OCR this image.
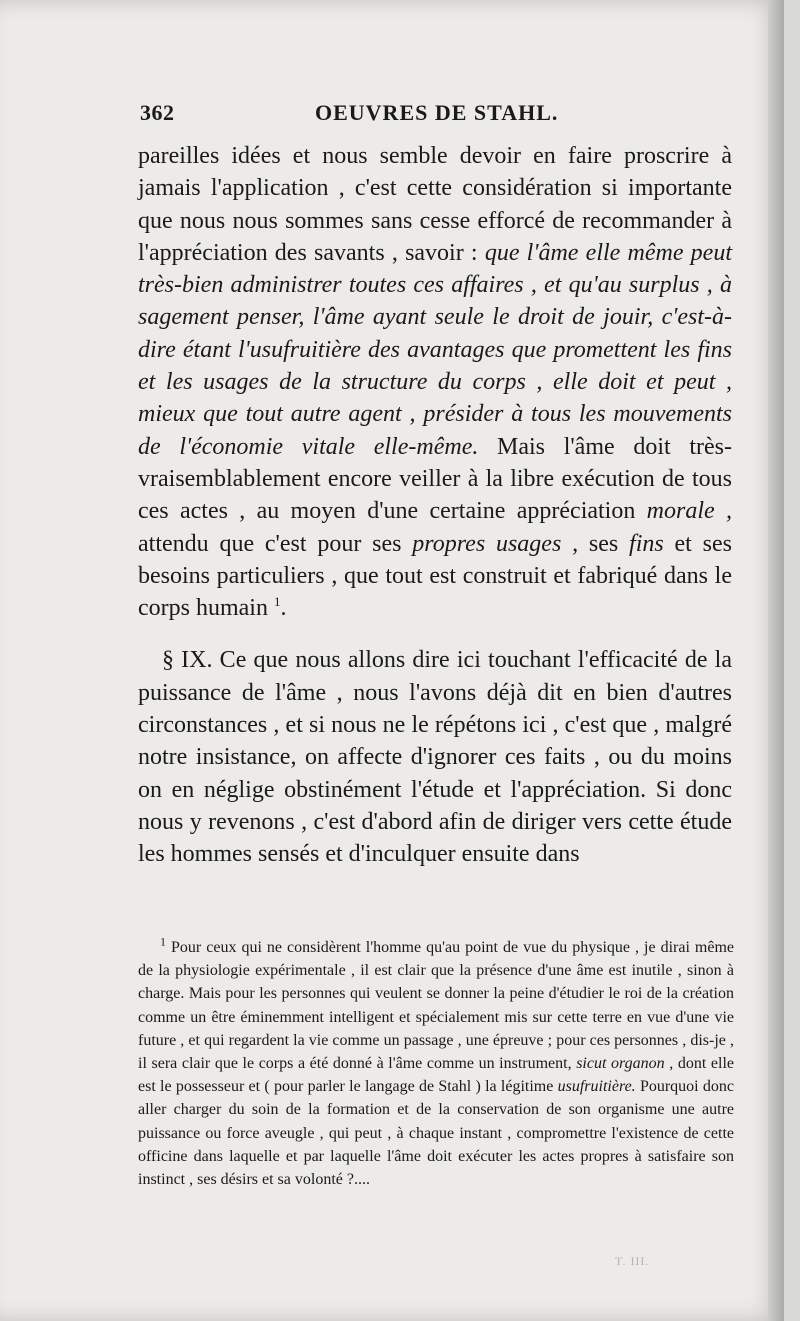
362	OEUVRES DE STAHL.

pareilles idées et nous semble devoir en faire proscrire à jamais l'application , c'est cette considération si importante que nous nous sommes sans cesse efforcé de recommander à l'appréciation des savants , savoir : que l'âme elle même peut très-bien administrer toutes ces affaires , et qu'au surplus , à sagement penser, l'âme ayant seule le droit de jouir, c'est-à-dire étant l'usufruitière des avantages que promettent les fins et les usages de la structure du corps , elle doit et peut , mieux que tout autre agent , présider à tous les mouvements de l'économie vitale elle-même. Mais l'âme doit très-vraisemblablement encore veiller à la libre exécution de tous ces actes , au moyen d'une certaine appréciation morale , attendu que c'est pour ses propres usages , ses fins et ses besoins particuliers , que tout est construit et fabriqué dans le corps humain $^1$.

§ IX. Ce que nous allons dire ici touchant l'efficacité de la puissance de l'âme , nous l'avons déjà dit en bien d'autres circonstances , et si nous ne le répétons ici , c'est que , malgré notre insistance, on affecte d'ignorer ces faits , ou du moins on en néglige obstinément l'étude et l'appréciation. Si donc nous y revenons , c'est d'abord afin de diriger vers cette étude les hommes sensés et d'inculquer ensuite dans

$^1$ Pour ceux qui ne considèrent l'homme qu'au point de vue du physique , je dirai même de la physiologie expérimentale , il est clair que la présence d'une âme est inutile , sinon à charge. Mais pour les personnes qui veulent se donner la peine d'étudier le roi de la création comme un être éminemment intelligent et spécialement mis sur cette terre en vue d'une vie future , et qui regardent la vie comme un passage , une épreuve ; pour ces personnes , dis-je , il sera clair que le corps a été donné à l'âme comme un instrument, sicut organon , dont elle est le possesseur et ( pour parler le langage de Stahl ) la légitime usufruitière. Pourquoi donc aller charger du soin de la formation et de la conservation de son organisme une autre puissance ou force aveugle , qui peut , à chaque instant , compromettre l'existence de cette officine dans laquelle et par laquelle l'âme doit exécuter les actes propres à satisfaire son instinct , ses désirs et sa volonté ?....

T. III.
